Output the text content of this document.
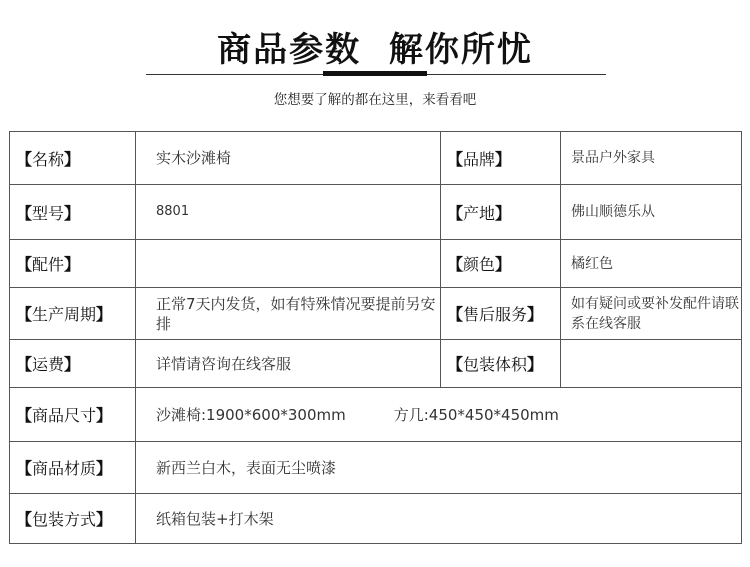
商品参数  解你所忧
您想要了解的都在这里，来看看吧
【名称】	实木沙滩椅	【品牌】	景品户外家具
【型号】	8801	【产地】	佛山顺德乐从
【配件】		【颜色】	橘红色
【生产周期】	正常7天内发货，如有特殊情况要提前另安排	【售后服务】	如有疑问或要补发配件请联系在线客服
【运费】	详情请咨询在线客服	【包装体积】	
【商品尺寸】	沙滩椅:1900*600*300mm 方几:450*450*450mm		
【商品材质】	新西兰白木，表面无尘喷漆		
【包装方式】	纸箱包装+打木架		
